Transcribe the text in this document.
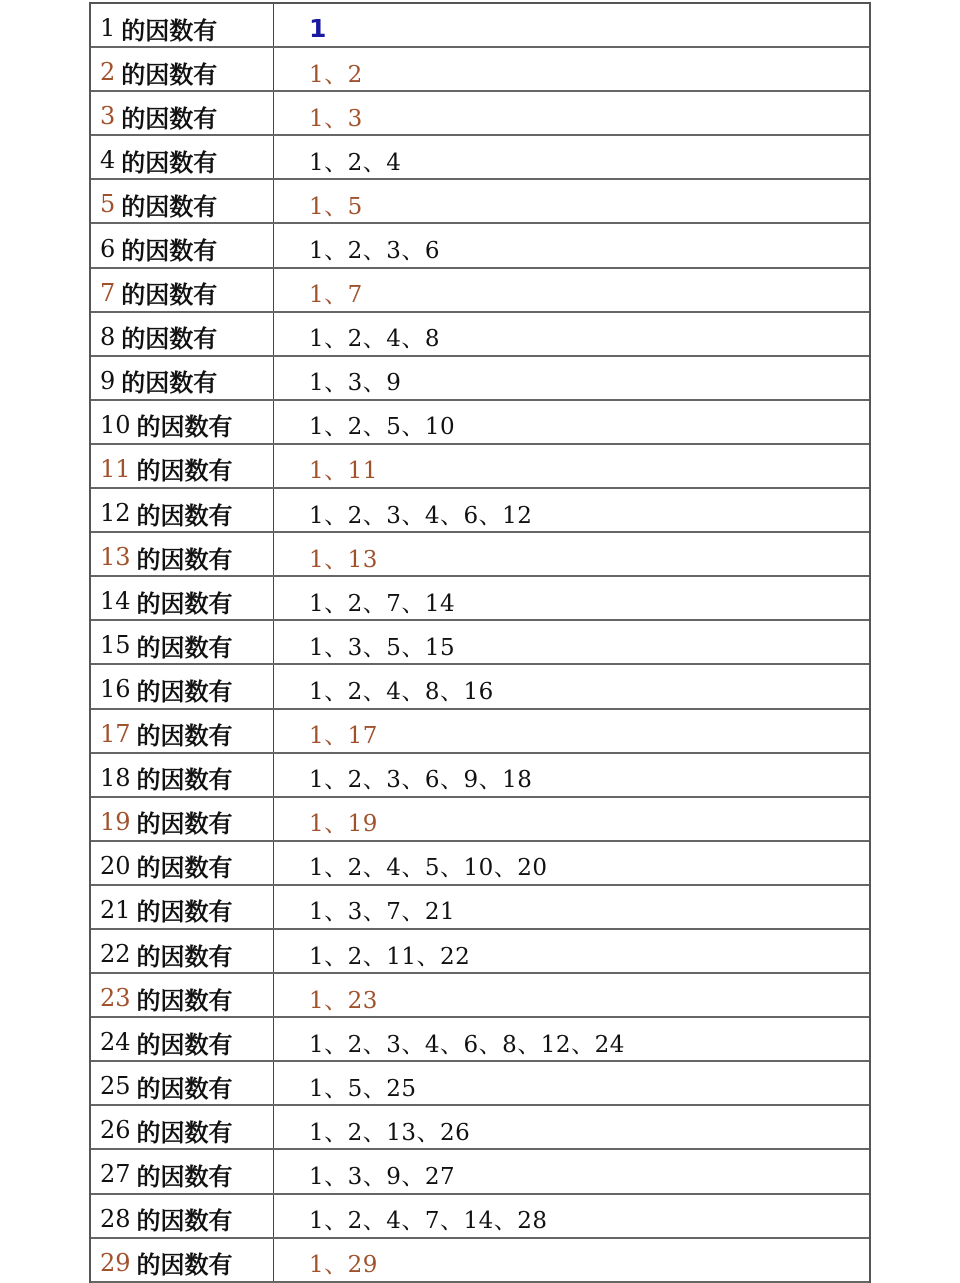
1 的因数有	1
2 的因数有	1、2
3 的因数有	1、3
4 的因数有	1、2、4
5 的因数有	1、5
6 的因数有	1、2、3、6
7 的因数有	1、7
8 的因数有	1、2、4、8
9 的因数有	1、3、9
10 的因数有	1、2、5、10
11 的因数有	1、11
12 的因数有	1、2、3、4、6、12
13 的因数有	1、13
14 的因数有	1、2、7、14
15 的因数有	1、3、5、15
16 的因数有	1、2、4、8、16
17 的因数有	1、17
18 的因数有	1、2、3、6、9、18
19 的因数有	1、19
20 的因数有	1、2、4、5、10、20
21 的因数有	1、3、7、21
22 的因数有	1、2、11、22
23 的因数有	1、23
24 的因数有	1、2、3、4、6、8、12、24
25 的因数有	1、5、25
26 的因数有	1、2、13、26
27 的因数有	1、3、9、27
28 的因数有	1、2、4、7、14、28
29 的因数有	1、29
